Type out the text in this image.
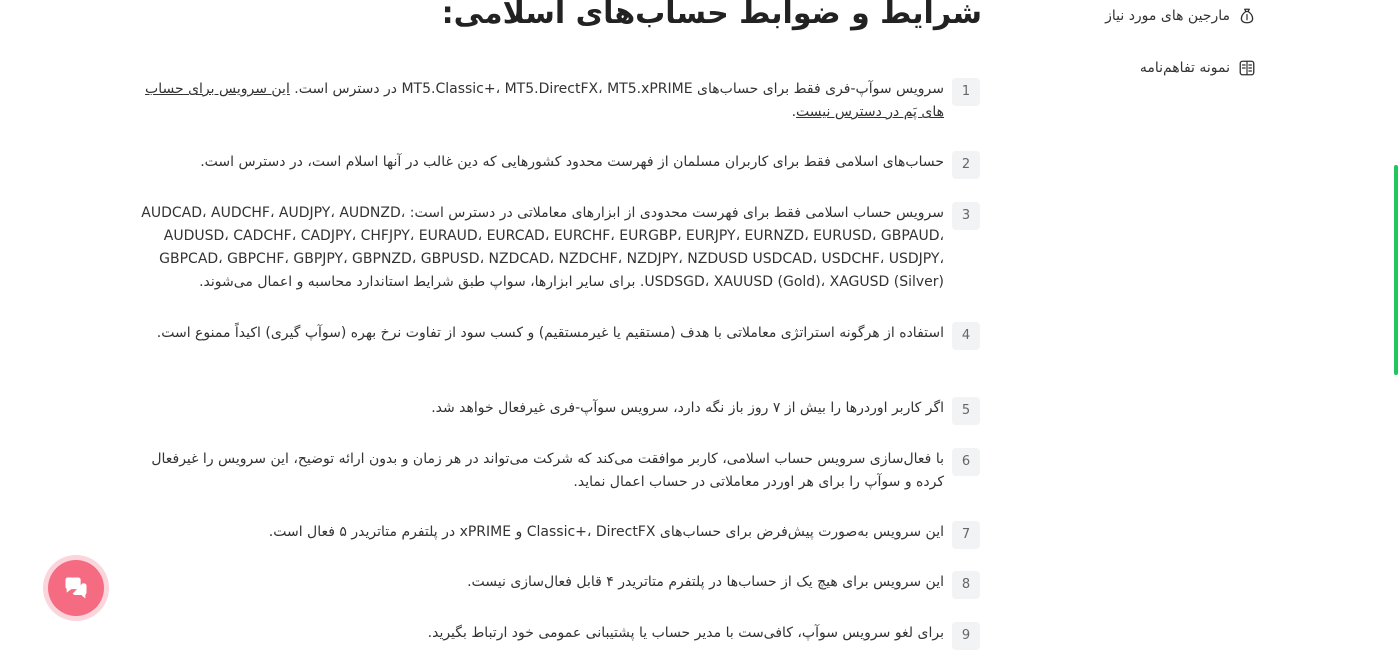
شرایط و ضوابط حساب‌های اسلامی:
1
سرویس سوآپ-فری فقط برای حساب‌های MT5.Classic+، MT5.DirectFX، MT5.xPRIME در دسترس است. این سرویس برای حساب های پَم در دسترس نیست.
2
حساب‌های اسلامی فقط برای کاربران مسلمان از فهرست محدود کشورهایی که دین غالب در آنها اسلام است، در دسترس است.
3
سرویس حساب اسلامی فقط برای فهرست محدودی از ابزارهای معاملاتی در دسترس است: AUDCAD، AUDCHF، AUDJPY، AUDNZD، AUDUSD، CADCHF، CADJPY، CHFJPY، EURAUD، EURCAD، EURCHF، EURGBP، EURJPY، EURNZD، EURUSD، GBPAUD، GBPCAD، GBPCHF، GBPJPY، GBPNZD، GBPUSD، NZDCAD، NZDCHF، NZDJPY، NZDUSD USDCAD، USDCHF، USDJPY، USDSGD، XAUUSD (Gold)، XAGUSD (Silver). برای سایر ابزارها، سواپ طبق شرایط استاندارد محاسبه و اعمال می‌شوند.
4
استفاده از هرگونه استراتژی معاملاتی با هدف (مستقیم یا غیرمستقیم) و کسب سود از تفاوت نرخ بهره (سوآپ گیری) اکیداً ممنوع است.
5
اگر کاربر اوردرها را بیش از ۷ روز باز نگه دارد، سرویس سوآپ-فری غیرفعال خواهد شد.
6
با فعال‌سازی سرویس حساب اسلامی، کاربر موافقت می‌کند که شرکت می‌تواند در هر زمان و بدون ارائه توضیح، این سرویس را غیرفعال کرده و سوآپ را برای هر اوردر معاملاتی در حساب اعمال نماید.
7
این سرویس به‌صورت پیش‌فرض برای حساب‌های Classic+، DirectFX و xPRIME در پلتفرم متاتریدر ۵ فعال است.
8
این سرویس برای هیچ یک از حساب‌ها در پلتفرم متاتریدر ۴ قابل فعال‌سازی نیست.
9
برای لغو سرویس سوآپ، کافی‌ست با مدیر حساب یا پشتیبانی عمومی خود ارتباط بگیرید.
مارجین های مورد نیاز
نمونه تفاهم‌نامه
